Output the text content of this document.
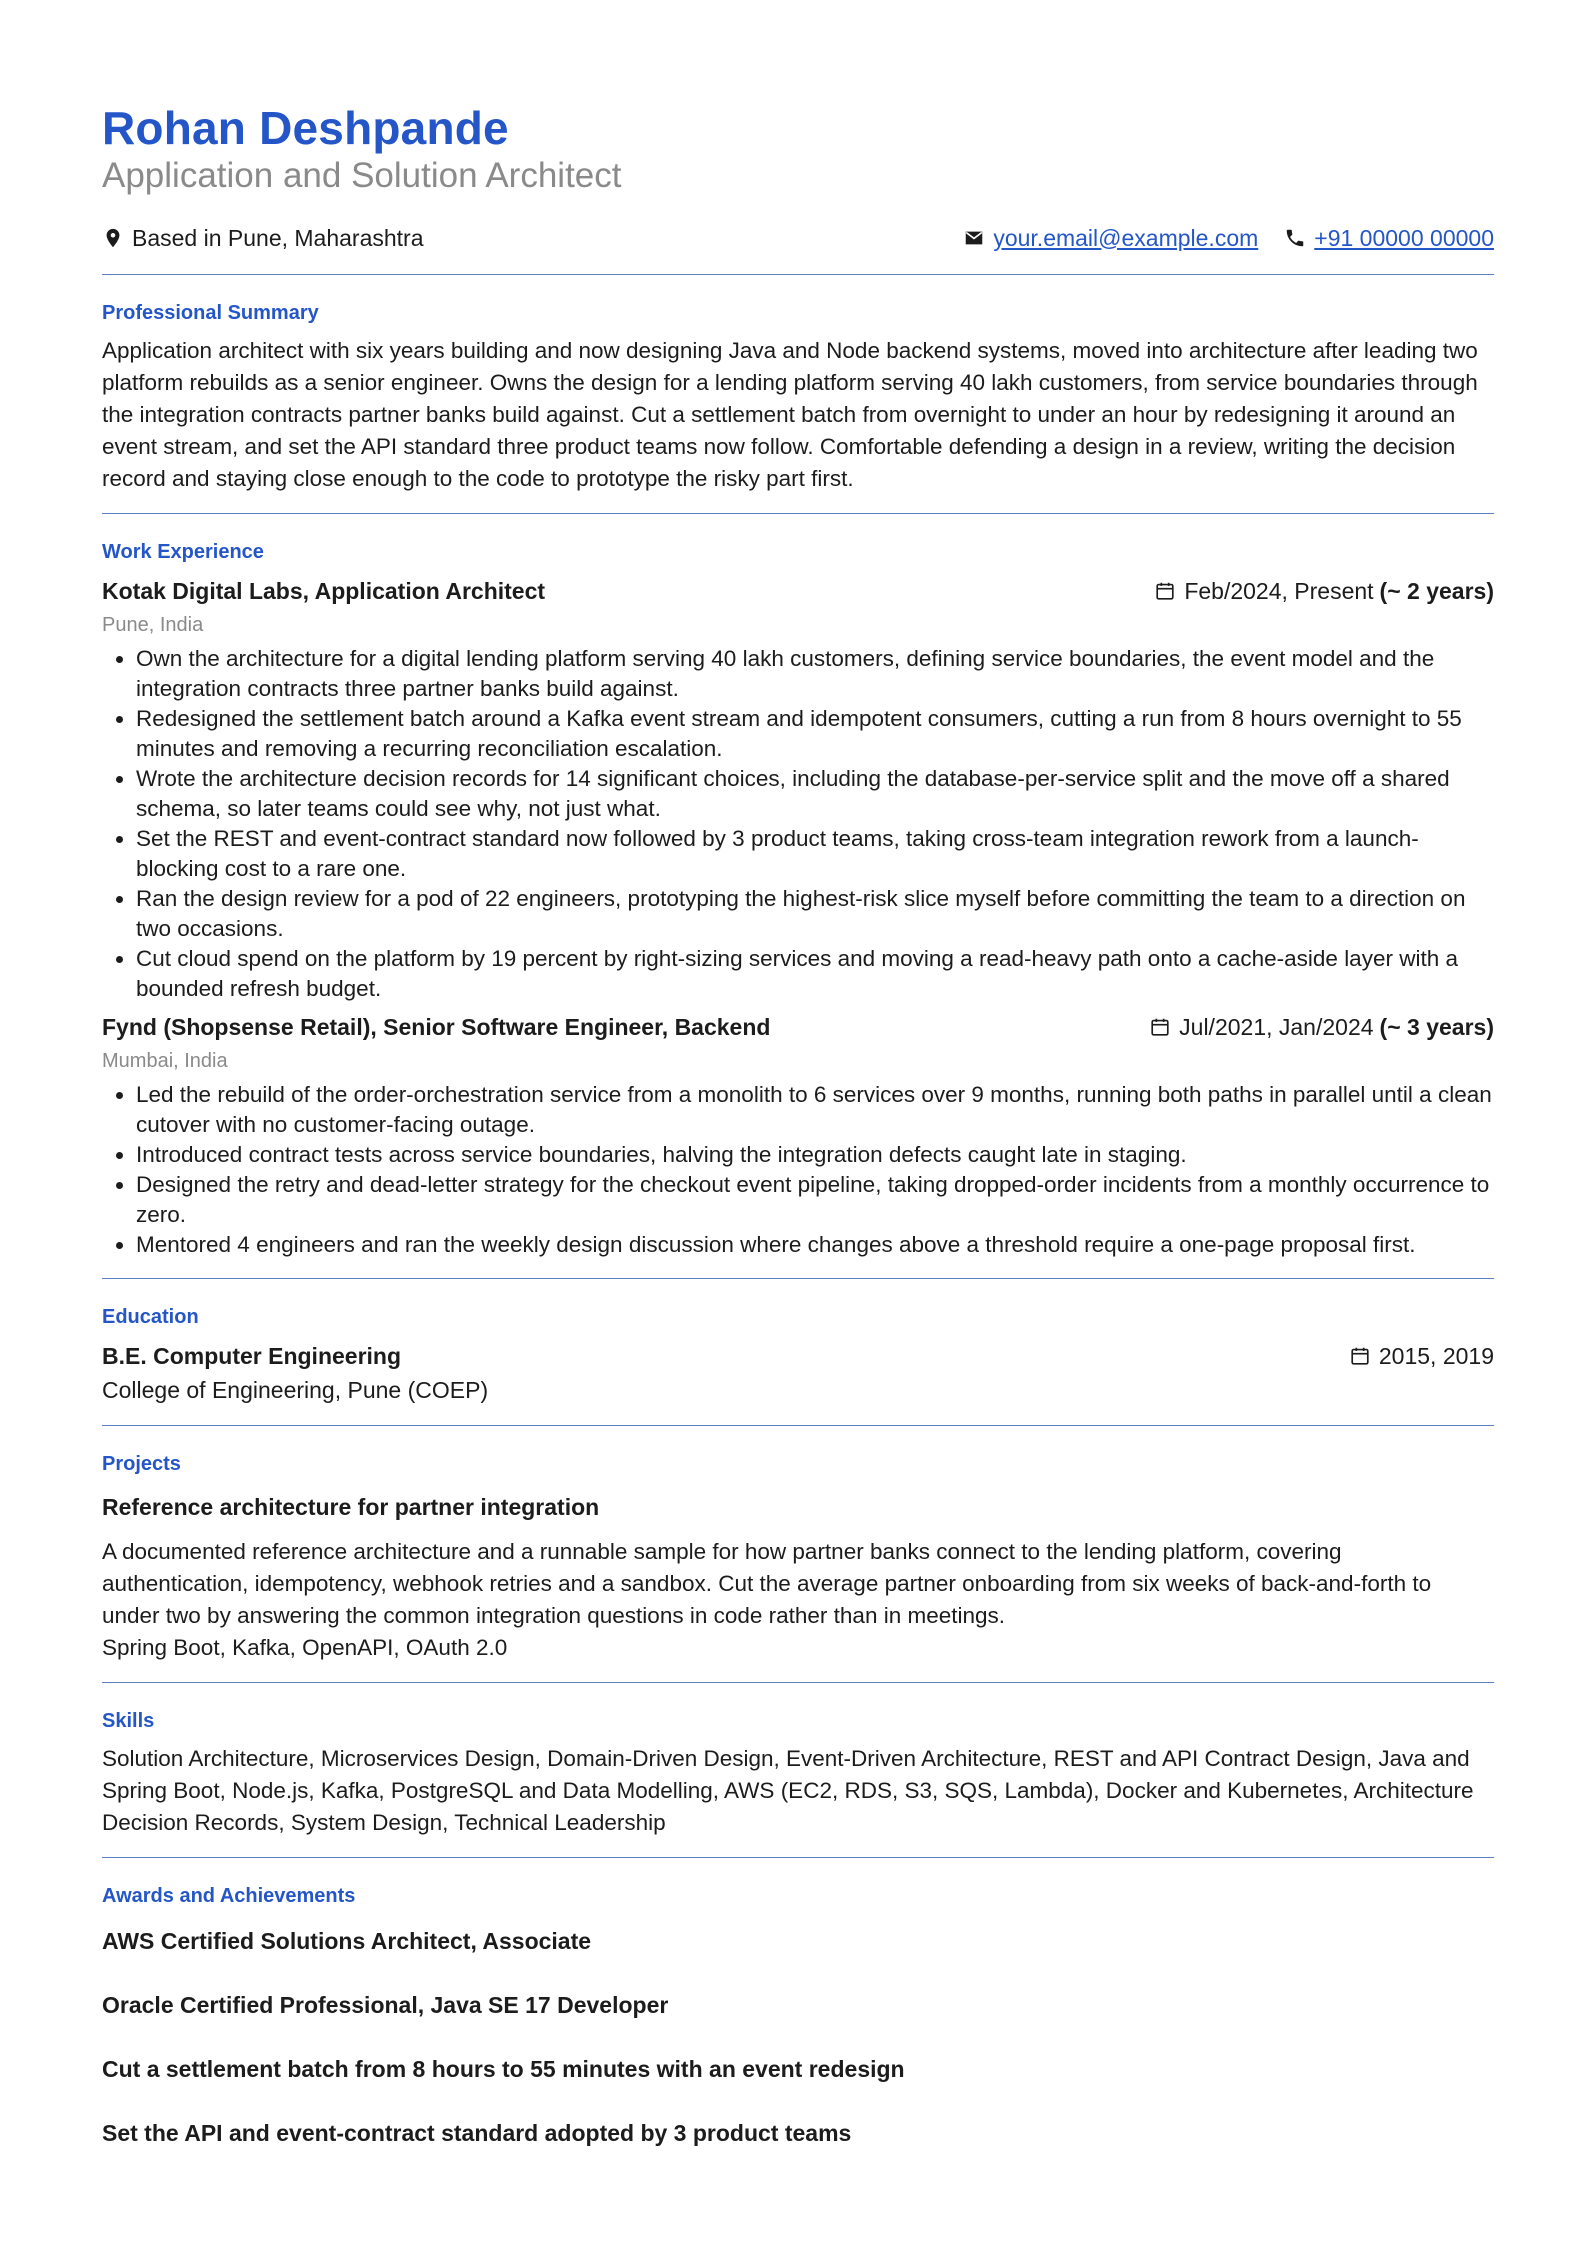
Rohan Deshpande
Application and Solution Architect
Based in Pune, Maharashtra	your.email@example.com +91 00000 00000
Professional Summary
Application architect with six years building and now designing Java and Node backend systems, moved into architecture after leading two platform rebuilds as a senior engineer. Owns the design for a lending platform serving 40 lakh customers, from service boundaries through the integration contracts partner banks build against. Cut a settlement batch from overnight to under an hour by redesigning it around an event stream, and set the API standard three product teams now follow. Comfortable defending a design in a review, writing the decision record and staying close enough to the code to prototype the risky part first.
Work Experience
Kotak Digital Labs, Application Architect	Feb/2024, Present (~ 2 years)
Pune, India
• Own the architecture for a digital lending platform serving 40 lakh customers, defining service boundaries, the event model and the integration contracts three partner banks build against.
• Redesigned the settlement batch around a Kafka event stream and idempotent consumers, cutting a run from 8 hours overnight to 55 minutes and removing a recurring reconciliation escalation.
• Wrote the architecture decision records for 14 significant choices, including the database-per-service split and the move off a shared schema, so later teams could see why, not just what.
• Set the REST and event-contract standard now followed by 3 product teams, taking cross-team integration rework from a launch-blocking cost to a rare one.
• Ran the design review for a pod of 22 engineers, prototyping the highest-risk slice myself before committing the team to a direction on two occasions.
• Cut cloud spend on the platform by 19 percent by right-sizing services and moving a read-heavy path onto a cache-aside layer with a bounded refresh budget.
Fynd (Shopsense Retail), Senior Software Engineer, Backend	Jul/2021, Jan/2024 (~ 3 years)
Mumbai, India
• Led the rebuild of the order-orchestration service from a monolith to 6 services over 9 months, running both paths in parallel until a clean cutover with no customer-facing outage.
• Introduced contract tests across service boundaries, halving the integration defects caught late in staging.
• Designed the retry and dead-letter strategy for the checkout event pipeline, taking dropped-order incidents from a monthly occurrence to zero.
• Mentored 4 engineers and ran the weekly design discussion where changes above a threshold require a one-page proposal first.
Education
B.E. Computer Engineering	2015, 2019
College of Engineering, Pune (COEP)
Projects
Reference architecture for partner integration
A documented reference architecture and a runnable sample for how partner banks connect to the lending platform, covering authentication, idempotency, webhook retries and a sandbox. Cut the average partner onboarding from six weeks of back-and-forth to under two by answering the common integration questions in code rather than in meetings.
Spring Boot, Kafka, OpenAPI, OAuth 2.0
Skills
Solution Architecture, Microservices Design, Domain-Driven Design, Event-Driven Architecture, REST and API Contract Design, Java and Spring Boot, Node.js, Kafka, PostgreSQL and Data Modelling, AWS (EC2, RDS, S3, SQS, Lambda), Docker and Kubernetes, Architecture Decision Records, System Design, Technical Leadership
Awards and Achievements
AWS Certified Solutions Architect, Associate
Oracle Certified Professional, Java SE 17 Developer
Cut a settlement batch from 8 hours to 55 minutes with an event redesign
Set the API and event-contract standard adopted by 3 product teams
